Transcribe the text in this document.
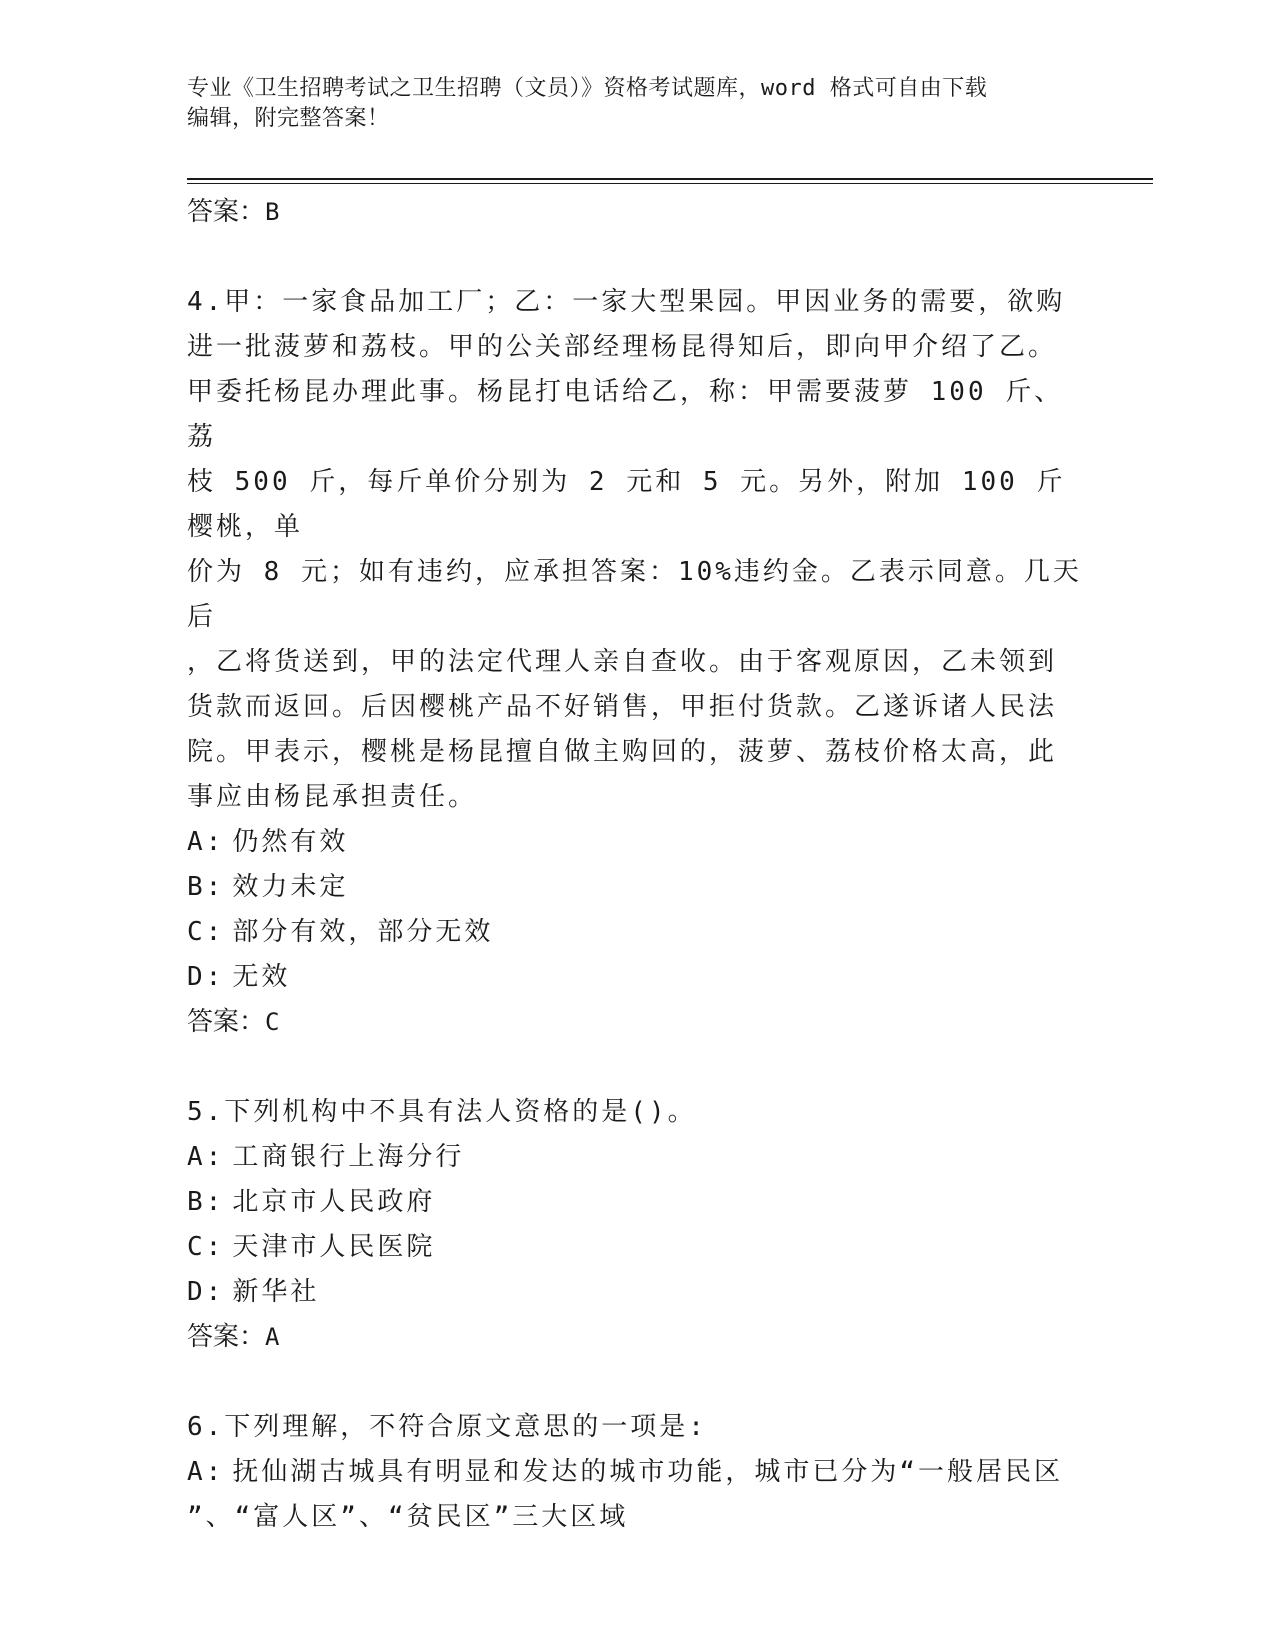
专业《卫生招聘考试之卫生招聘（文员）》资格考试题库，word 格式可自由下载
编辑，附完整答案！

答案：B

4.甲：一家食品加工厂；乙：一家大型果园。甲因业务的需要，欲购

进一批菠萝和荔枝。甲的公关部经理杨昆得知后，即向甲介绍了乙。

甲委托杨昆办理此事。杨昆打电话给乙，称：甲需要菠萝 100 斤、荔

枝 500 斤，每斤单价分别为 2 元和 5 元。另外，附加 100 斤樱桃，单

价为 8 元；如有违约，应承担答案：10%违约金。乙表示同意。几天后

，乙将货送到，甲的法定代理人亲自查收。由于客观原因，乙未领到

货款而返回。后因樱桃产品不好销售，甲拒付货款。乙遂诉诸人民法

院。甲表示，樱桃是杨昆擅自做主购回的，菠萝、荔枝价格太高，此

事应由杨昆承担责任。

A: 仍然有效

B: 效力未定

C: 部分有效，部分无效

D: 无效

答案：C

5.下列机构中不具有法人资格的是()。

A: 工商银行上海分行

B: 北京市人民政府

C: 天津市人民医院

D: 新华社

答案：A

6.下列理解，不符合原文意思的一项是:

A: 抚仙湖古城具有明显和发达的城市功能，城市已分为“一般居民区

”、“富人区”、“贫民区”三大区域
